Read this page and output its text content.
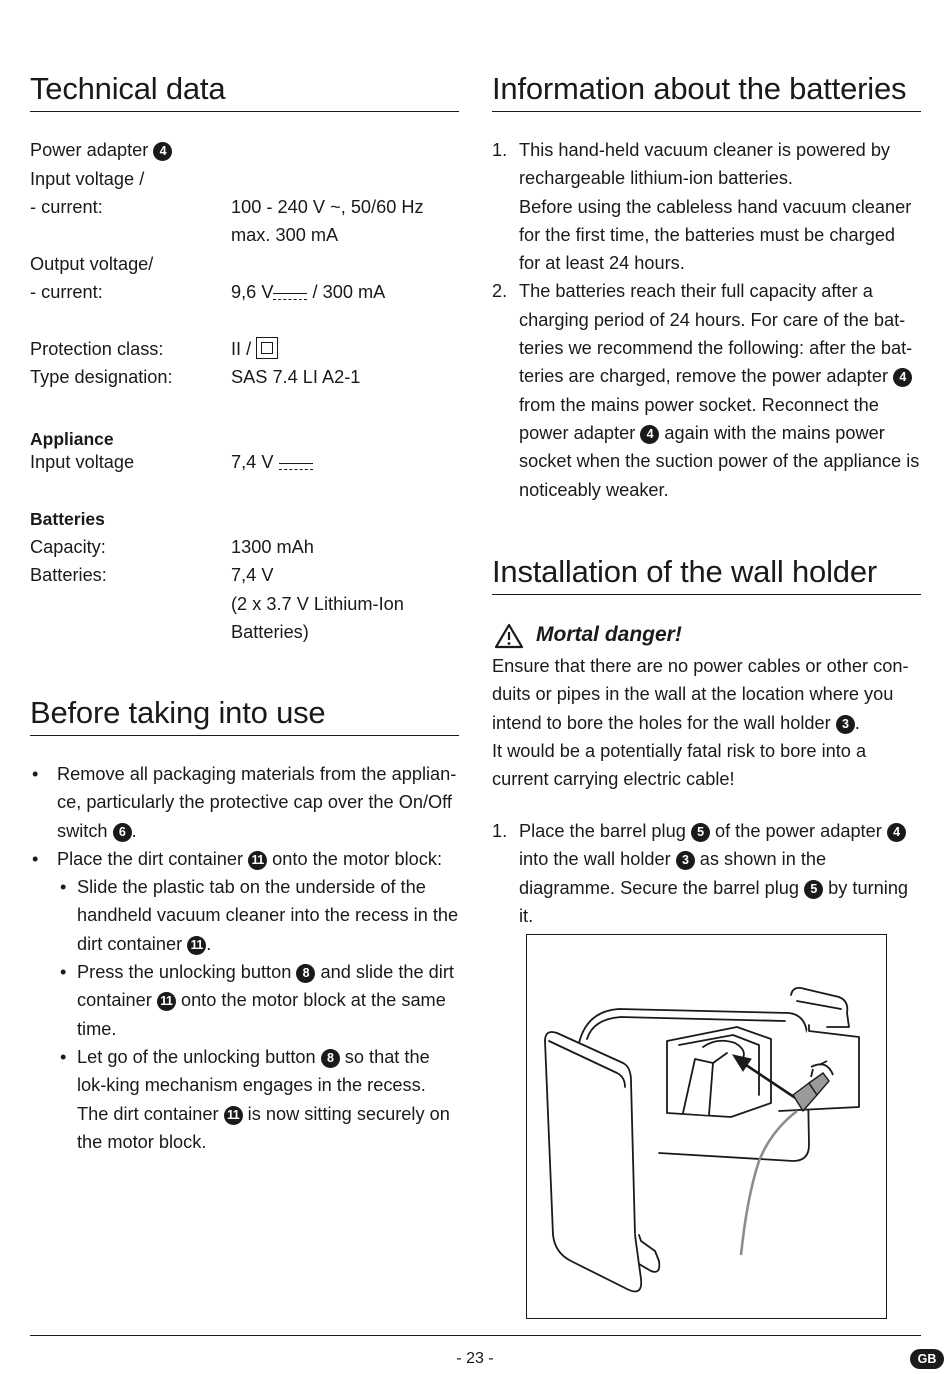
Technical data
Power adapter 4
Input voltage /
- current:	100 - 240 V ~, 50/60 Hz
max. 300 mA
Output voltage/
- current:	9,6 V / 300 mA
Protection class:	II /
Type designation:	SAS 7.4 LI A2-1
Appliance
Input voltage	7,4 V
Batteries
Capacity:	1300 mAh
Batteries:	7,4 V
(2 x 3.7 V Lithium-Ion
Batteries)
Before taking into use
• Remove all packaging materials from the applian-ce, particularly the protective cap over the On/Off switch 6 .
• Place the dirt container 11 onto the motor block:
• Slide the plastic tab on the underside of the handheld vacuum cleaner into the recess in the dirt container 11 .
• Press the unlocking button 8 and slide the dirt container 11 onto the motor block at the same time.
• Let go of the unlocking button 8 so that the lok-king mechanism engages in the recess.
The dirt container 11 is now sitting securely on the motor block.
Information about the batteries
1. This hand-held vacuum cleaner is powered by rechargeable lithium-ion batteries.
Before using the cableless hand vacuum cleaner for the first time, the batteries must be charged for at least 24 hours.
2. The batteries reach their full capacity after a charging period of 24 hours. For care of the bat-teries we recommend the following: after the bat-teries are charged, remove the power adapter 4 from the mains power socket. Reconnect the power adapter 4 again with the mains power socket when the suction power of the appliance is noticeably weaker.
Installation of the wall holder
Mortal danger!
Ensure that there are no power cables or other con-duits or pipes in the wall at the location where you intend to bore the holes for the wall holder 3 .
It would be a potentially fatal risk to bore into a current carrying electric cable!
1. Place the barrel plug 5 of the power adapter 4 into the wall holder 3 as shown in the diagramme. Secure the barrel plug 5 by turning it.
- 23 -	GB
